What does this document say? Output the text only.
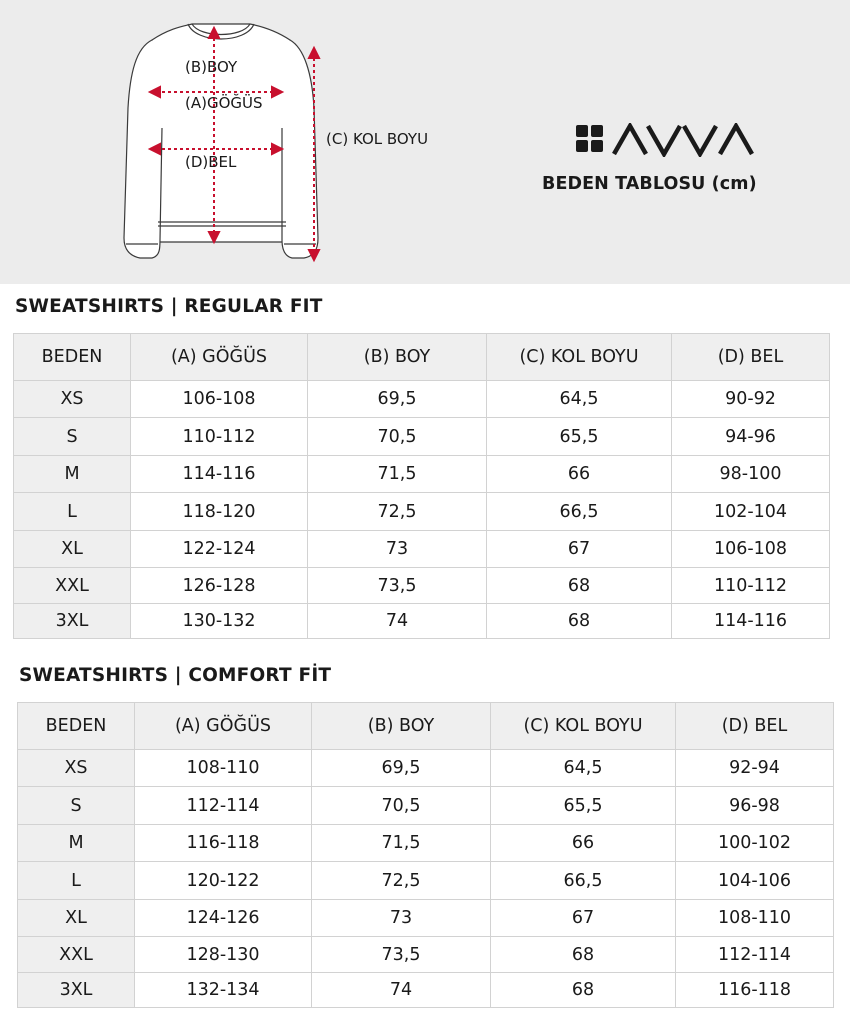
(B)BOY
(A)GÖĞÜS
(D)BEL
(C) KOL BOYU
BEDEN TABLOSU (cm)
SWEATSHIRTS | REGULAR FIT
BEDEN	(A) GÖĞÜS	(B) BOY	(C) KOL BOYU	(D) BEL
XS	106-108	69,5	64,5	90-92
S	110-112	70,5	65,5	94-96
M	114-116	71,5	66	98-100
L	118-120	72,5	66,5	102-104
XL	122-124	73	67	106-108
XXL	126-128	73,5	68	110-112
3XL	130-132	74	68	114-116
SWEATSHIRTS | COMFORT FİT
BEDEN	(A) GÖĞÜS	(B) BOY	(C) KOL BOYU	(D) BEL
XS	108-110	69,5	64,5	92-94
S	112-114	70,5	65,5	96-98
M	116-118	71,5	66	100-102
L	120-122	72,5	66,5	104-106
XL	124-126	73	67	108-110
XXL	128-130	73,5	68	112-114
3XL	132-134	74	68	116-118
